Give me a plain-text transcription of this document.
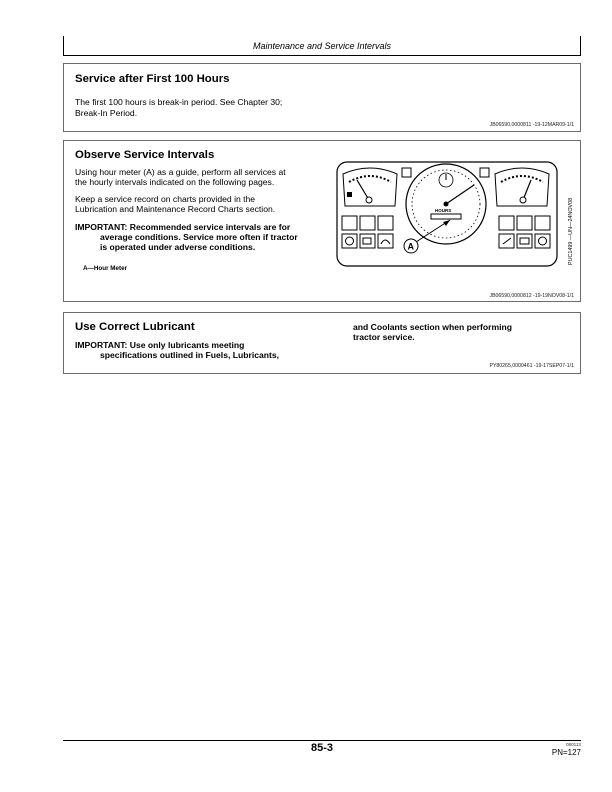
Maintenance and Service Intervals
Service after First 100 Hours
The first 100 hours is break-in period. See Chapter 30;
Break-In Period.
JB06590,0000811 -19-12MAR09-1/1
Observe Service Intervals
Using hour meter (A) as a guide, perform all services at
the hourly intervals indicated on the following pages.
Keep a service record on charts provided in the
Lubrication and Maintenance Record Charts section.
IMPORTANT: Recommended service intervals are for
average conditions. Service more often if tractor
is operated under adverse conditions.
A—Hour Meter
HOURS
A	PUC1499 —UN—24NOV08
JB06590,0000812 -19-19NOV08-1/1
Use Correct Lubricant
IMPORTANT: Use only lubricants meeting
specifications outlined in Fuels, Lubricants,
and Coolants section when performing
tractor service.
PY80265,0000461 -19-17SEP07-1/1
85-3	080113
PN=127
